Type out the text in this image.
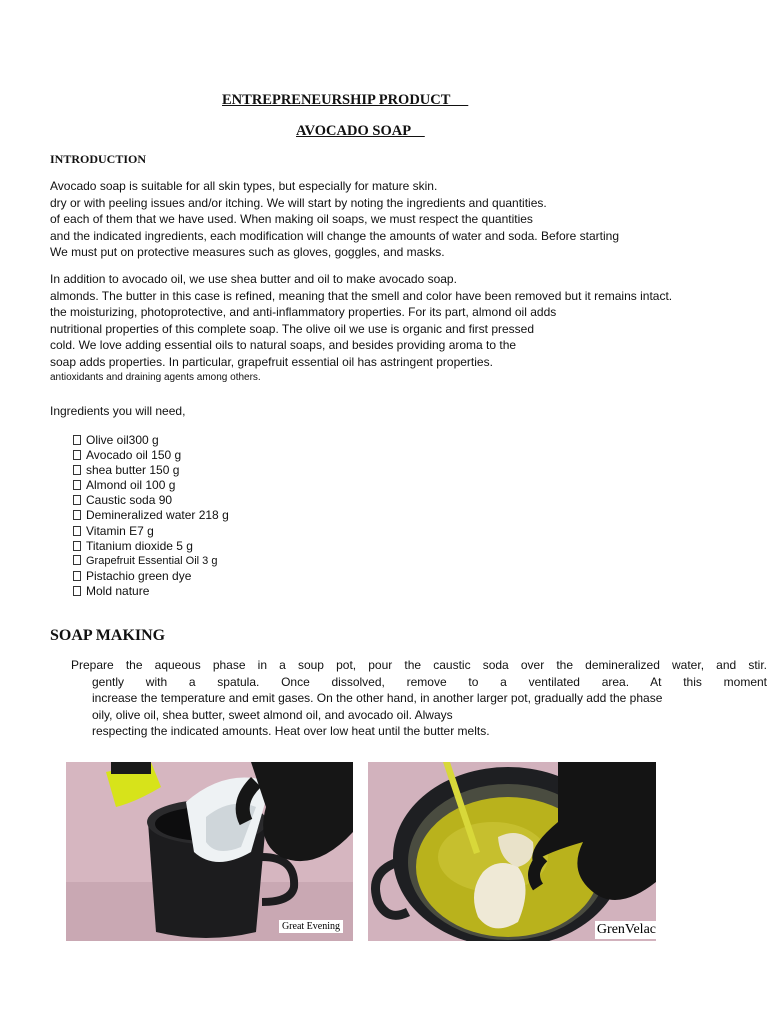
ENTREPRENEURSHIP PRODUCT
AVOCADO SOAP
INTRODUCTION
Avocado soap is suitable for all skin types, but especially for mature skin.
dry or with peeling issues and/or itching. We will start by noting the ingredients and quantities.
of each of them that we have used. When making oil soaps, we must respect the quantities
and the indicated ingredients, each modification will change the amounts of water and soda. Before starting
We must put on protective measures such as gloves, goggles, and masks.
In addition to avocado oil, we use shea butter and oil to make avocado soap.
almonds. The butter in this case is refined, meaning that the smell and color have been removed but it remains intact.
the moisturizing, photoprotective, and anti-inflammatory properties. For its part, almond oil adds
nutritional properties of this complete soap. The olive oil we use is organic and first pressed
cold. We love adding essential oils to natural soaps, and besides providing aroma to the
soap adds properties. In particular, grapefruit essential oil has astringent properties.
antioxidants and draining agents among others.
Ingredients you will need,
Olive oil300 g
Avocado oil 150 g
shea butter 150 g
Almond oil 100 g
Caustic soda 90
Demineralized water 218 g
Vitamin E7 g
Titanium dioxide 5 g
Grapefruit Essential Oil 3 g
Pistachio green dye
Mold nature
SOAP MAKING
Prepare the aqueous phase in a soup pot, pour the caustic soda over the demineralized water, and stir.
gently with a spatula. Once dissolved, remove to a ventilated area. At this moment
increase the temperature and emit gases. On the other hand, in another larger pot, gradually add the phase
oily, olive oil, shea butter, sweet almond oil, and avocado oil. Always
respecting the indicated amounts. Heat over low heat until the butter melts.
Great Evening	GrenVelac
